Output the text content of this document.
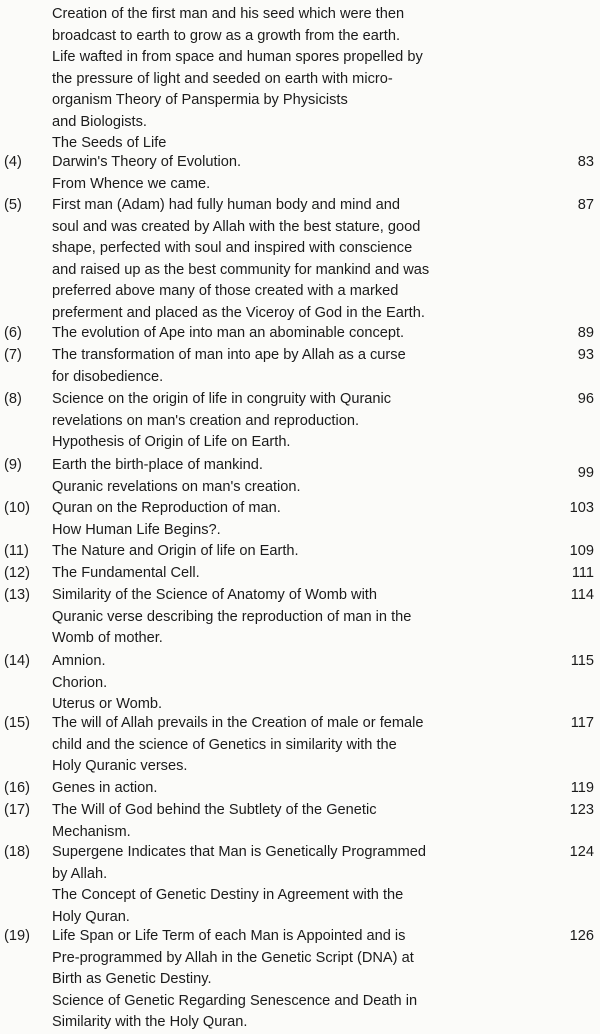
Creation of the first man and his seed which were then
broadcast to earth to grow as a growth from the earth.
Life wafted in from space and human spores propelled by
the pressure of light and seeded on earth with micro-
organism Theory of Panspermia by Physicists
and Biologists.
The Seeds of Life
(4)	Darwin's Theory of Evolution.
From Whence we came.
83
(5)	First man (Adam) had fully human body and mind and
soul and was created by Allah with the best stature, good
shape, perfected with soul and inspired with conscience
and raised up as the best community for mankind and was
preferred above many of those created with a marked
preferment and placed as the Viceroy of God in the Earth.
87
(6)	The evolution of Ape into man an abominable concept.	89
(7)	The transformation of man into ape by Allah as a curse
for disobedience.
93
(8)	Science on the origin of life in congruity with Quranic
revelations on man's creation and reproduction.
Hypothesis of Origin of Life on Earth.
96
(9)	Earth the birth-place of mankind.
Quranic revelations on man's creation.
99
(10)	Quran on the Reproduction of man.
How Human Life Begins?.
103
(11)	The Nature and Origin of life on Earth.	109
(12)	The Fundamental Cell.	111
(13)	Similarity of the Science of Anatomy of Womb with
Quranic verse describing the reproduction of man in the
Womb of mother.
114
(14)	Amnion.
Chorion.
Uterus or Womb.
115
(15)	The will of Allah prevails in the Creation of male or female
child and the science of Genetics in similarity with the
Holy Quranic verses.
117
(16)	Genes in action.	119
(17)	The Will of God behind the Subtlety of the Genetic
Mechanism.
123
(18)	Supergene Indicates that Man is Genetically Programmed
by Allah.
The Concept of Genetic Destiny in Agreement with the
Holy Quran.
124
(19)	Life Span or Life Term of each Man is Appointed and is
Pre-programmed by Allah in the Genetic Script (DNA) at
Birth as Genetic Destiny.
Science of Genetic Regarding Senescence and Death in
Similarity with the Holy Quran.
126
